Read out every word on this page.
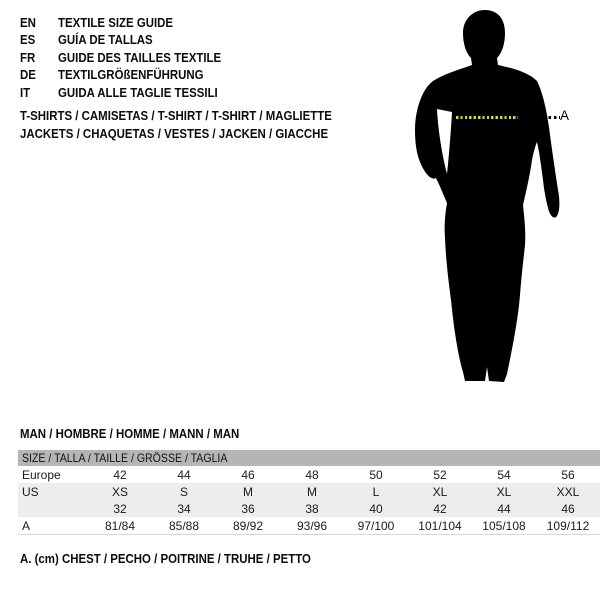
EN TEXTILE SIZE GUIDE
ES GUÍA DE TALLAS
FR GUIDE DES TAILLES TEXTILE
DE TEXTILGRÖßENFÜHRUNG
IT GUIDA ALLE TAGLIE TESSILI
T-SHIRTS / CAMISETAS / T-SHIRT / T-SHIRT / MAGLIETTE
JACKETS / CHAQUETAS / VESTES / JACKEN / GIACCHE
A
MAN / HOMBRE / HOMME / MANN / MAN
SIZE / TALLA / TAILLE / GRÖSSE / TAGLIA
Europe	42	44	46	48	50	52	54	56
US	XS	S	M	M	L	XL	XL	XXL
	32	34	36	38	40	42	44	46
A	81/84	85/88	89/92	93/96	97/100	101/104	105/108	109/112
A. (cm) CHEST / PECHO / POITRINE / TRUHE / PETTO
